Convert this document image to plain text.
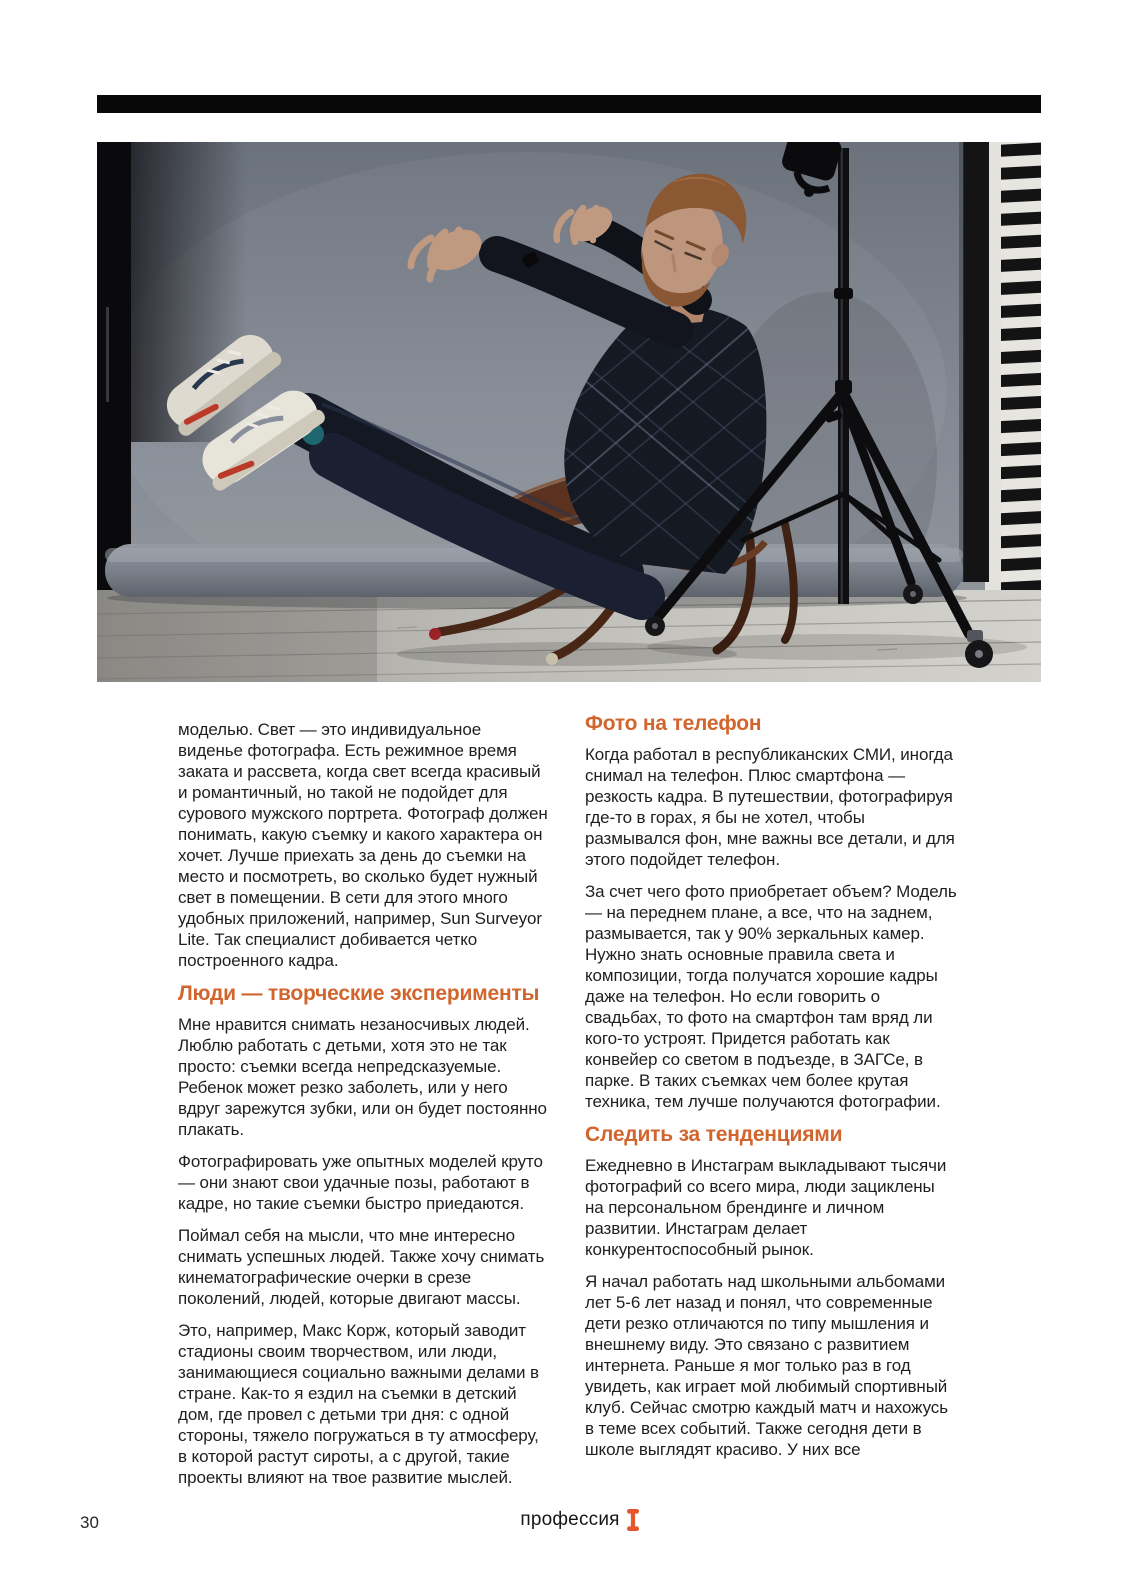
моделью. Свет — это индивидуальное виденье фотографа. Есть режимное время заката и рассвета, когда свет всегда красивый и романтичный, но такой не подойдет для сурового мужского портрета. Фотограф должен понимать, какую съемку и какого характера он хочет. Лучше приехать за день до съемки на место и посмотреть, во сколько будет нужный свет в помещении. В сети для этого много удобных приложений, например, Sun Surveyor Lite. Так специалист добивается четко построенного кадра.

Люди — творческие эксперименты

Мне нравится снимать незаносчивых людей. Люблю работать с детьми, хотя это не так просто: съемки всегда непредсказуемые. Ребенок может резко заболеть, или у него вдруг зарежутся зубки, или он будет постоянно плакать.

Фотографировать уже опытных моделей круто — они знают свои удачные позы, работают в кадре, но такие съемки быстро приедаются.

Поймал себя на мысли, что мне интересно снимать успешных людей. Также хочу снимать кинематографические очерки в срезе поколений, людей, которые двигают массы.

Это, например, Макс Корж, который заводит стадионы своим творчеством, или люди, занимающиеся социально важными делами в стране. Как-то я ездил на съемки в детский дом, где провел с детьми три дня: с одной стороны, тяжело погружаться в ту атмосферу, в которой растут сироты, а с другой, такие проекты влияют на твое развитие мыслей.

Фото на телефон

Когда работал в республиканских СМИ, иногда снимал на телефон. Плюс смартфона — резкость кадра. В путешествии, фотографируя где-то в горах, я бы не хотел, чтобы размывался фон, мне важны все детали, и для этого подойдет телефон.

За счет чего фото приобретает объем? Модель — на переднем плане, а все, что на заднем, размывается, так у 90% зеркальных камер. Нужно знать основные правила света и композиции, тогда получатся хорошие кадры даже на телефон. Но если говорить о свадьбах, то фото на смартфон там вряд ли кого-то устроят. Придется работать как конвейер со светом в подъезде, в ЗАГСе, в парке. В таких съемках чем более крутая техника, тем лучше получаются фотографии.

Следить за тенденциями

Ежедневно в Инстаграм выкладывают тысячи фотографий со всего мира, люди зациклены на персональном брендинге и личном развитии. Инстаграм делает конкурентоспособный рынок.

Я начал работать над школьными альбомами лет 5-6 лет назад и понял, что современные дети резко отличаются по типу мышления и внешнему виду. Это связано с развитием интернета. Раньше я мог только раз в год увидеть, как играет мой любимый спортивный клуб. Сейчас смотрю каждый матч и нахожусь в теме всех событий. Также сегодня дети в школе выглядят красиво. У них все

30	профессия
